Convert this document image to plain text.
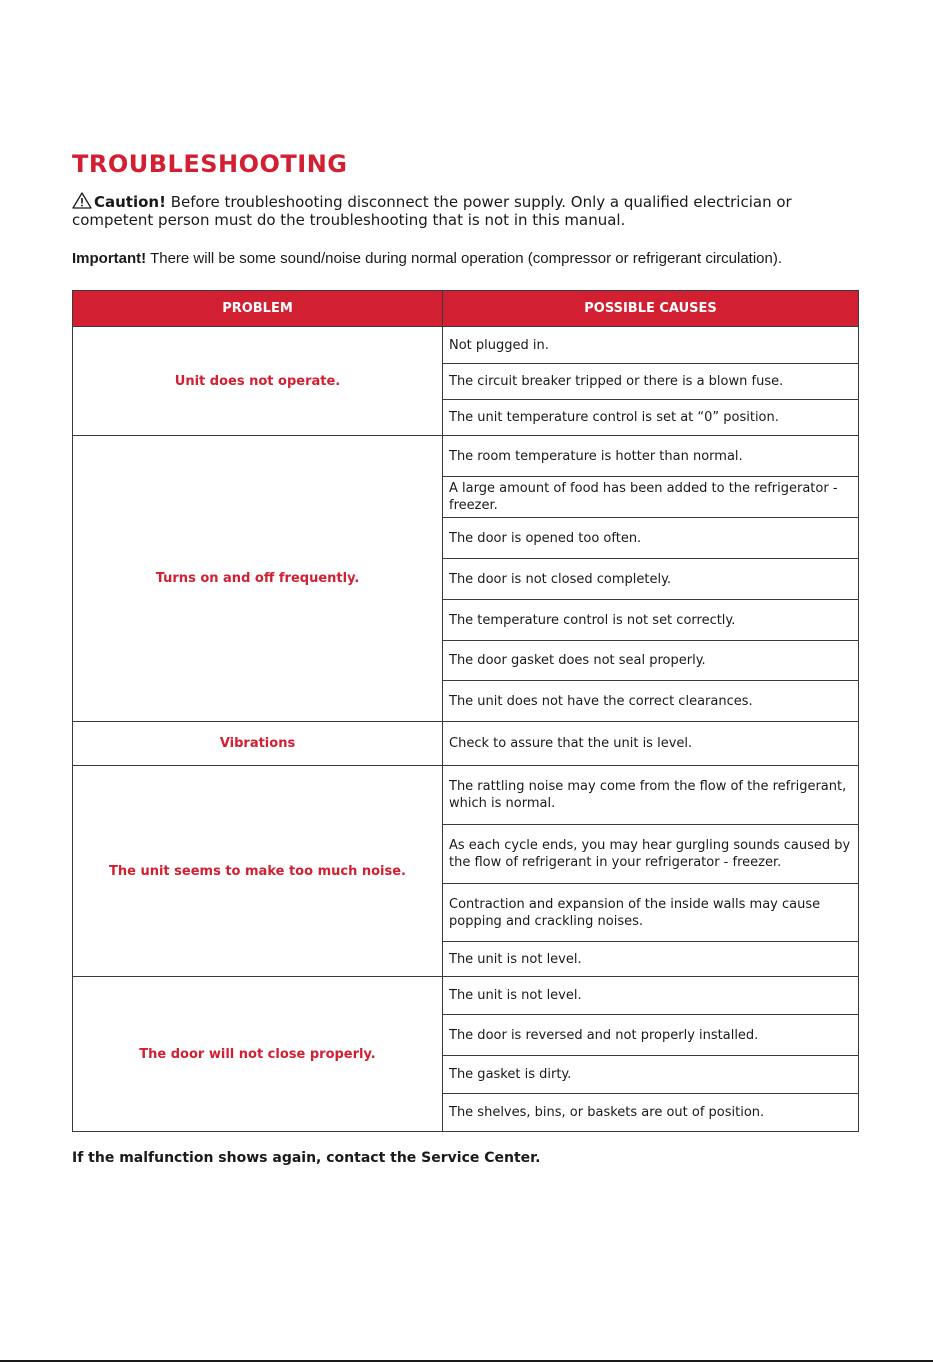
TROUBLESHOOTING

Caution! Before troubleshooting disconnect the power supply. Only a qualified electrician or competent person must do the troubleshooting that is not in this manual.

Important! There will be some sound/noise during normal operation (compressor or refrigerant circulation).

PROBLEM	POSSIBLE CAUSES
Unit does not operate.	Not plugged in.
	The circuit breaker tripped or there is a blown fuse.
	The unit temperature control is set at “0” position.
Turns on and off frequently.	The room temperature is hotter than normal.
	A large amount of food has been added to the refrigerator - freezer.
	The door is opened too often.
	The door is not closed completely.
	The temperature control is not set correctly.
	The door gasket does not seal properly.
	The unit does not have the correct clearances.
Vibrations	Check to assure that the unit is level.
The unit seems to make too much noise.	The rattling noise may come from the flow of the refrigerant, which is normal.
	As each cycle ends, you may hear gurgling sounds caused by the flow of refrigerant in your refrigerator - freezer.
	Contraction and expansion of the inside walls may cause popping and crackling noises.
	The unit is not level.
The door will not close properly.	The unit is not level.
	The door is reversed and not properly installed.
	The gasket is dirty.
	The shelves, bins, or baskets are out of position.

If the malfunction shows again, contact the Service Center.
